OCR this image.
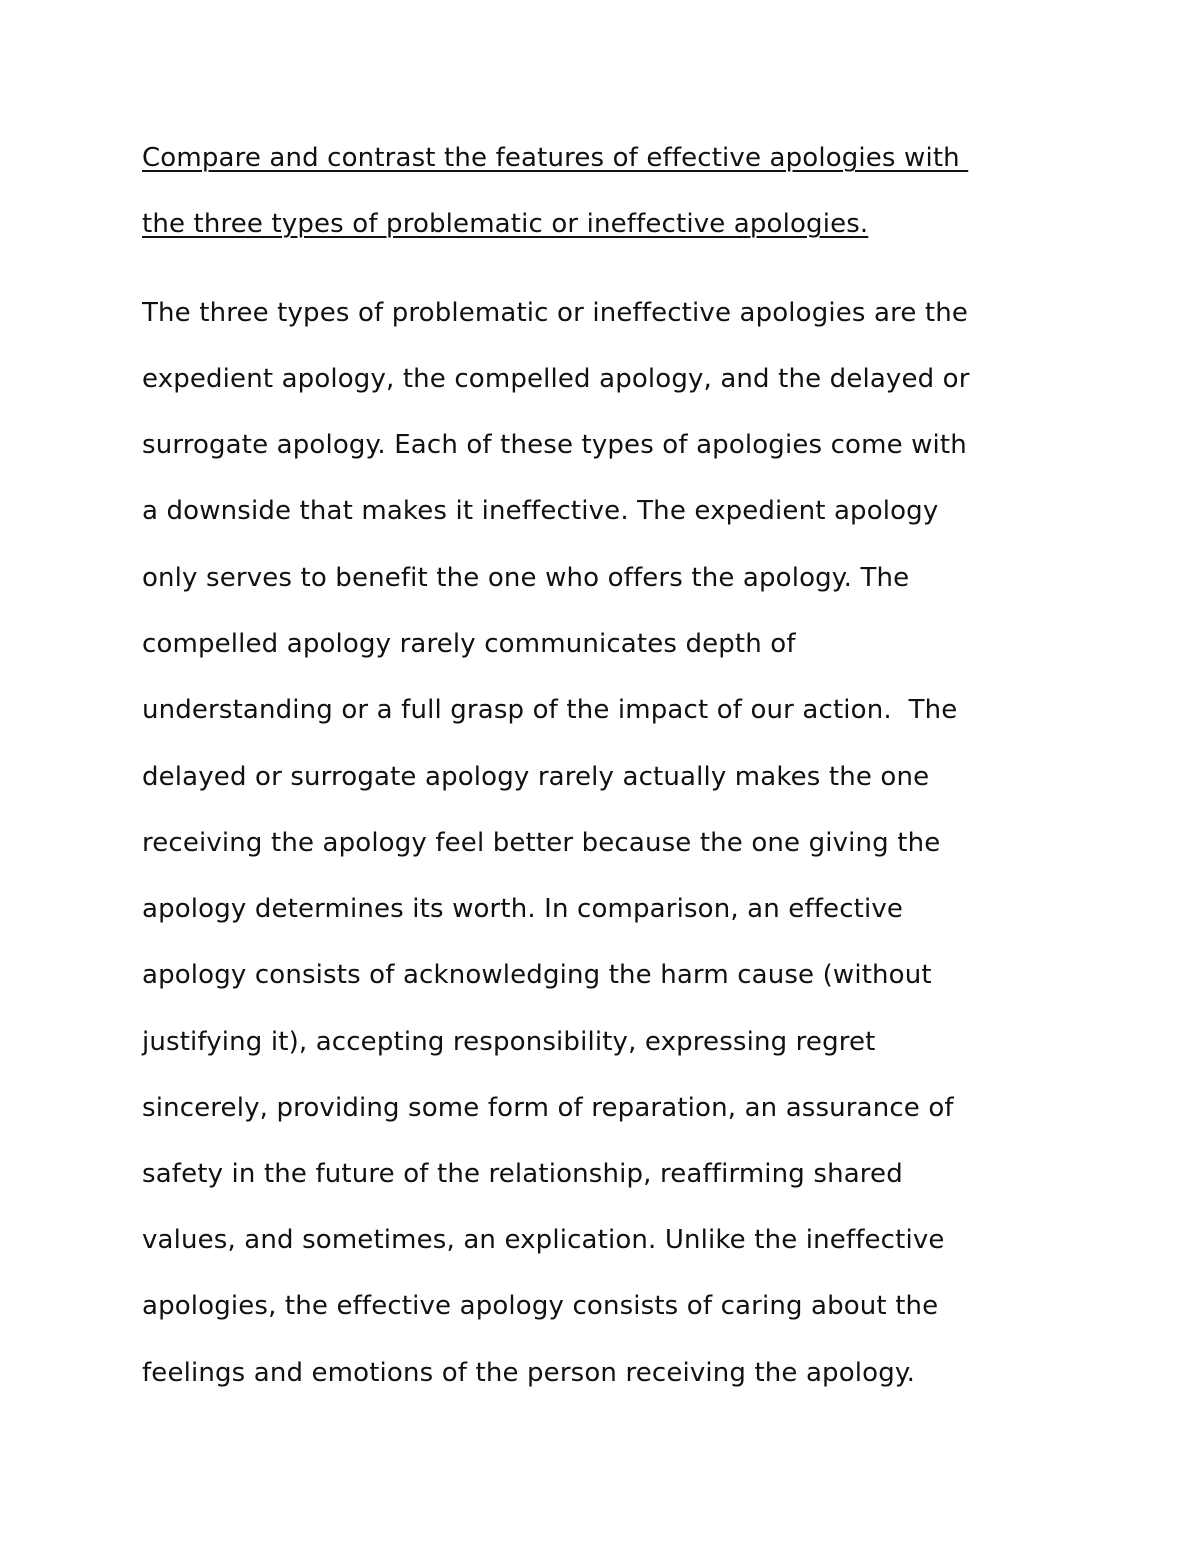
Compare and contrast the features of effective apologies with

the three types of problematic or ineffective apologies.

The three types of problematic or ineffective apologies are the

expedient apology, the compelled apology, and the delayed or

surrogate apology. Each of these types of apologies come with

a downside that makes it ineffective. The expedient apology

only serves to benefit the one who offers the apology. The

compelled apology rarely communicates depth of

understanding or a full grasp of the impact of our action.  The

delayed or surrogate apology rarely actually makes the one

receiving the apology feel better because the one giving the

apology determines its worth. In comparison, an effective

apology consists of acknowledging the harm cause (without

justifying it), accepting responsibility, expressing regret

sincerely, providing some form of reparation, an assurance of

safety in the future of the relationship, reaffirming shared

values, and sometimes, an explication. Unlike the ineffective

apologies, the effective apology consists of caring about the

feelings and emotions of the person receiving the apology.
